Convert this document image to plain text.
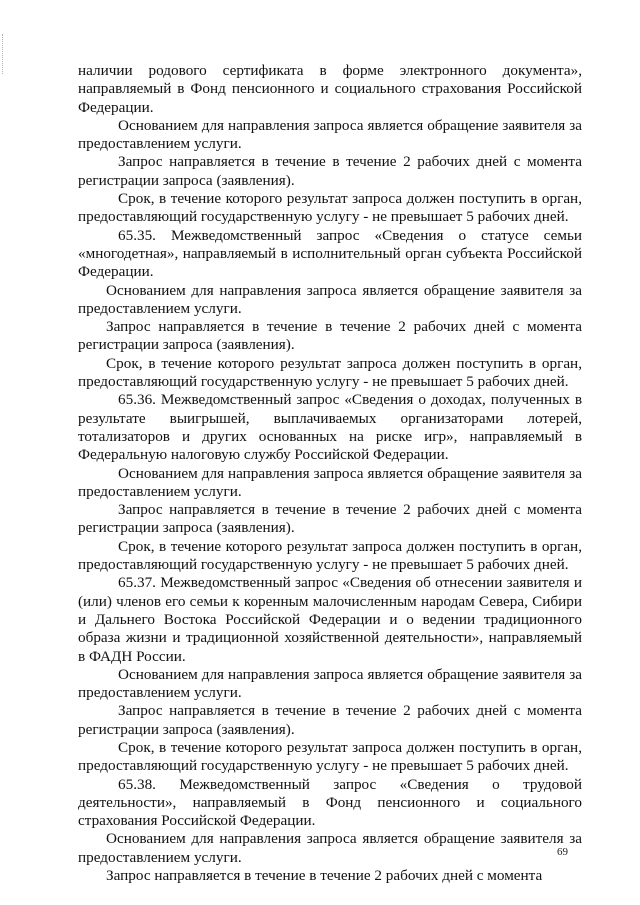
наличии родового сертификата в форме электронного документа», направляемый в Фонд пенсионного и социального страхования Российской Федерации.

Основанием для направления запроса является обращение заявителя за предоставлением услуги.

Запрос направляется в течение в течение 2 рабочих дней с момента регистрации запроса (заявления).

Срок, в течение которого результат запроса должен поступить в орган, предоставляющий государственную услугу - не превышает 5 рабочих дней.

65.35. Межведомственный запрос «Сведения о статусе семьи «многодетная», направляемый в исполнительный орган субъекта Российской Федерации.

Основанием для направления запроса является обращение заявителя за предоставлением услуги.

Запрос направляется в течение в течение 2 рабочих дней с момента регистрации запроса (заявления).

Срок, в течение которого результат запроса должен поступить в орган, предоставляющий государственную услугу - не превышает 5 рабочих дней.

65.36. Межведомственный запрос «Сведения о доходах, полученных в результате выигрышей, выплачиваемых организаторами лотерей, тотализаторов и других основанных на риске игр», направляемый в Федеральную налоговую службу Российской Федерации.

Основанием для направления запроса является обращение заявителя за предоставлением услуги.

Запрос направляется в течение в течение 2 рабочих дней с момента регистрации запроса (заявления).

Срок, в течение которого результат запроса должен поступить в орган, предоставляющий государственную услугу - не превышает 5 рабочих дней.

65.37. Межведомственный запрос «Сведения об отнесении заявителя и (или) членов его семьи к коренным малочисленным народам Севера, Сибири и Дальнего Востока Российской Федерации и о ведении традиционного образа жизни и традиционной хозяйственной деятельности», направляемый в ФАДН России.

Основанием для направления запроса является обращение заявителя за предоставлением услуги.

Запрос направляется в течение в течение 2 рабочих дней с момента регистрации запроса (заявления).

Срок, в течение которого результат запроса должен поступить в орган, предоставляющий государственную услугу - не превышает 5 рабочих дней.

65.38. Межведомственный запрос «Сведения о трудовой деятельности», направляемый в Фонд пенсионного и социального страхования Российской Федерации.

Основанием для направления запроса является обращение заявителя за предоставлением услуги.

Запрос направляется в течение в течение 2 рабочих дней с момента

69
